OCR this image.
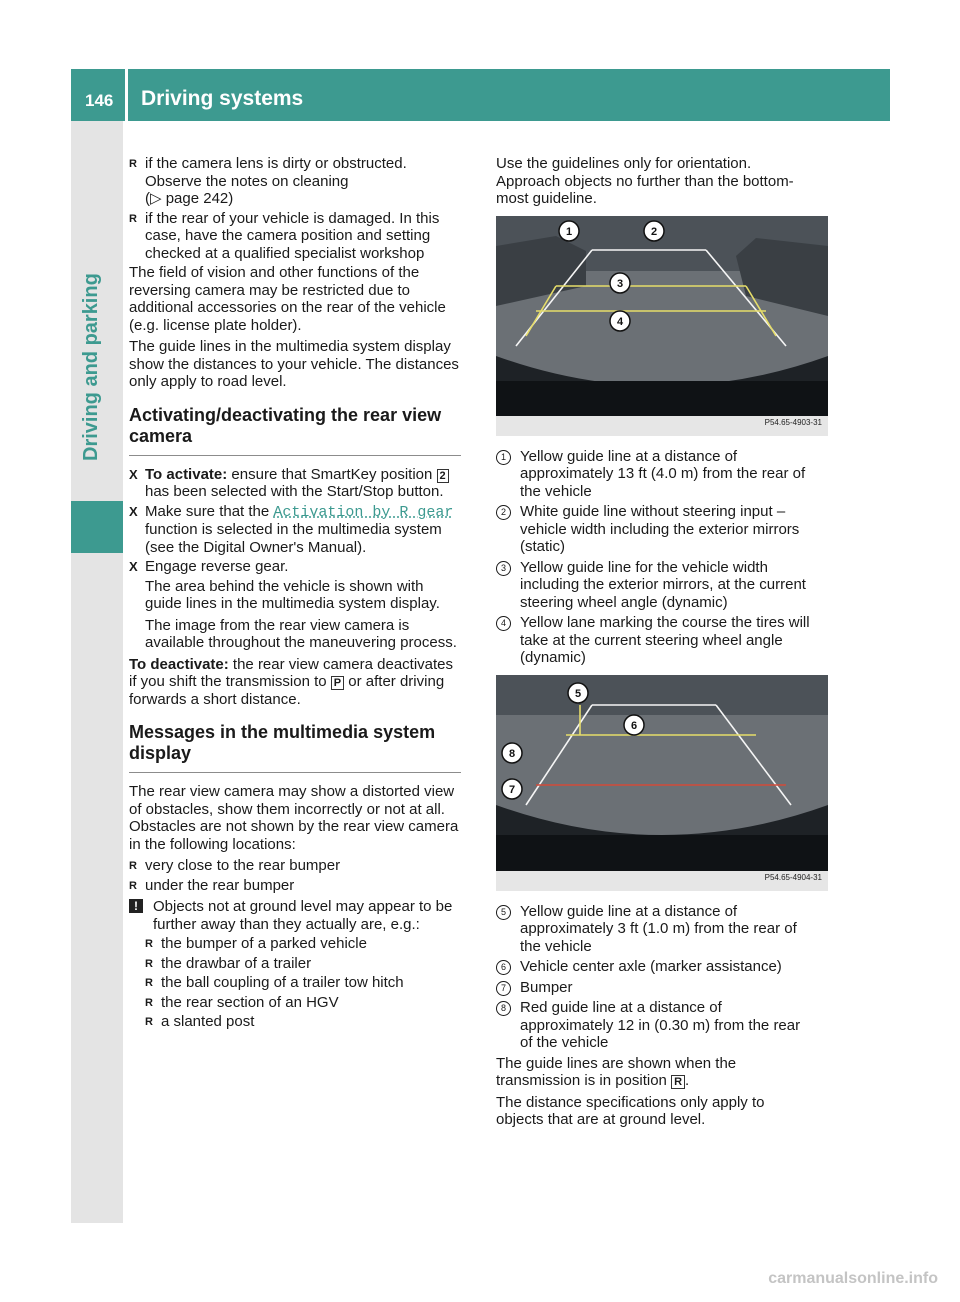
146 Driving systems
Driving and parking
R if the camera lens is dirty or obstructed. Observe the notes on cleaning
(▷ page 242)
R if the rear of your vehicle is damaged. In this case, have the camera position and setting checked at a qualified specialist workshop

The field of vision and other functions of the reversing camera may be restricted due to additional accessories on the rear of the vehicle (e.g. license plate holder).

The guide lines in the multimedia system display show the distances to your vehicle. The distances only apply to road level.

Activating/deactivating the rear view camera
X To activate: ensure that SmartKey position 2 has been selected with the Start/Stop button.
X Make sure that the Activation by R gear function is selected in the multimedia system (see the Digital Owner's Manual).
X Engage reverse gear.

The area behind the vehicle is shown with guide lines in the multimedia system display.

The image from the rear view camera is available throughout the maneuvering process.

To deactivate: the rear view camera deactivates if you shift the transmission to P or after driving forwards a short distance.

Messages in the multimedia system display

The rear view camera may show a distorted view of obstacles, show them incorrectly or not at all. Obstacles are not shown by the rear view camera in the following locations:

R very close to the rear bumper
R under the rear bumper
!	Objects not at ground level may appear to be further away than they actually are, e.g.:
R the bumper of a parked vehicle
R the drawbar of a trailer
R the ball coupling of a trailer tow hitch
R the rear section of an HGV
R a slanted post

Use the guidelines only for orientation. Approach objects no further than the bottom-most guideline.

1	2
3
4
P54.65-4903-31
1 Yellow guide line at a distance of approximately 13 ft (4.0 m) from the rear of the vehicle
2 White guide line without steering input – vehicle width including the exterior mirrors (static)
3 Yellow guide line for the vehicle width including the exterior mirrors, at the current steering wheel angle (dynamic)
4 Yellow lane marking the course the tires will take at the current steering wheel angle (dynamic)
5
6
8
7
P54.65-4904-31
5 Yellow guide line at a distance of approximately 3 ft (1.0 m) from the rear of the vehicle
6 Vehicle center axle (marker assistance)
7 Bumper
8 Red guide line at a distance of approximately 12 in (0.30 m) from the rear of the vehicle

The guide lines are shown when the transmission is in position R .

The distance specifications only apply to objects that are at ground level.

carmanualsonline.info
